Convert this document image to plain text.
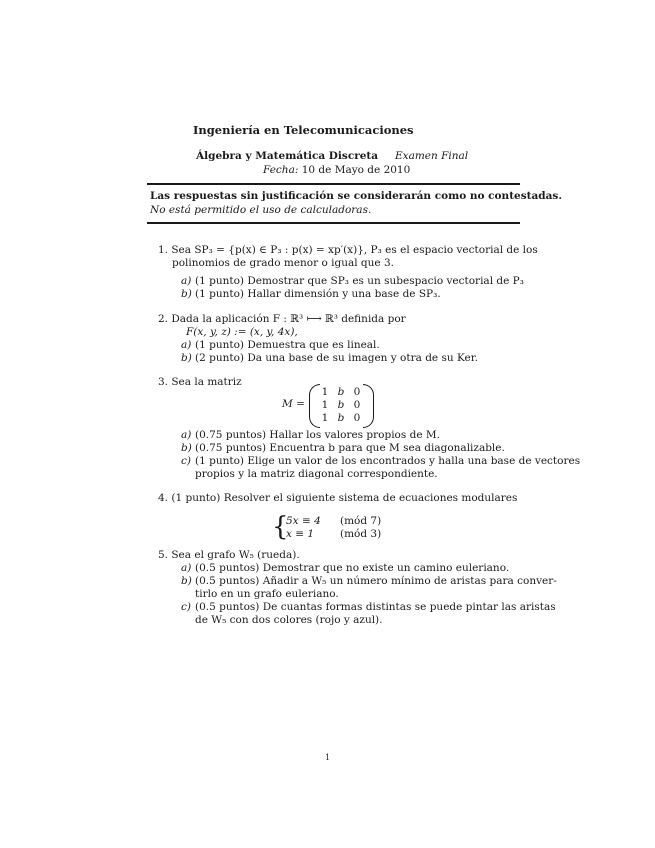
Ingeniería en Telecomunicaciones
Álgebra y Matemática Discreta Examen Final
Fecha: 10 de Mayo de 2010
Las respuestas sin justificación se considerarán como no contestadas.
No está permitido el uso de calculadoras.
1. Sea SP₃ = {p(x) ∈ P₃ : p(x) = xp′(x)}, P₃ es el espacio vectorial de los
polinomios de grado menor o igual que 3.
a) (1 punto) Demostrar que SP₃ es un subespacio vectorial de P₃
b) (1 punto) Hallar dimensión y una base de SP₃.
2. Dada la aplicación F : ℝ³ ⟼ ℝ³ definida por
F(x, y, z) := (x, y, 4x),
a) (1 punto) Demuestra que es lineal.
b) (2 punto) Da una base de su imagen y otra de su Ker.
3. Sea la matriz
M =
1 b 0
1 b 0
1 b 0
a) (0.75 puntos) Hallar los valores propios de M.
b) (0.75 puntos) Encuentra b para que M sea diagonalizable.
c) (1 punto) Elige un valor de los encontrados y halla una base de vectores
propios y la matriz diagonal correspondiente.
4. (1 punto) Resolver el siguiente sistema de ecuaciones modulares
{
5x ≡ 4 (mód 7)
x ≡ 1 (mód 3)
5. Sea el grafo W₅ (rueda).
a) (0.5 puntos) Demostrar que no existe un camino euleriano.
b) (0.5 puntos) Añadir a W₅ un número mínimo de aristas para conver-
tirlo en un grafo euleriano.
c) (0.5 puntos) De cuantas formas distintas se puede pintar las aristas
de W₅ con dos colores (rojo y azul).
1
